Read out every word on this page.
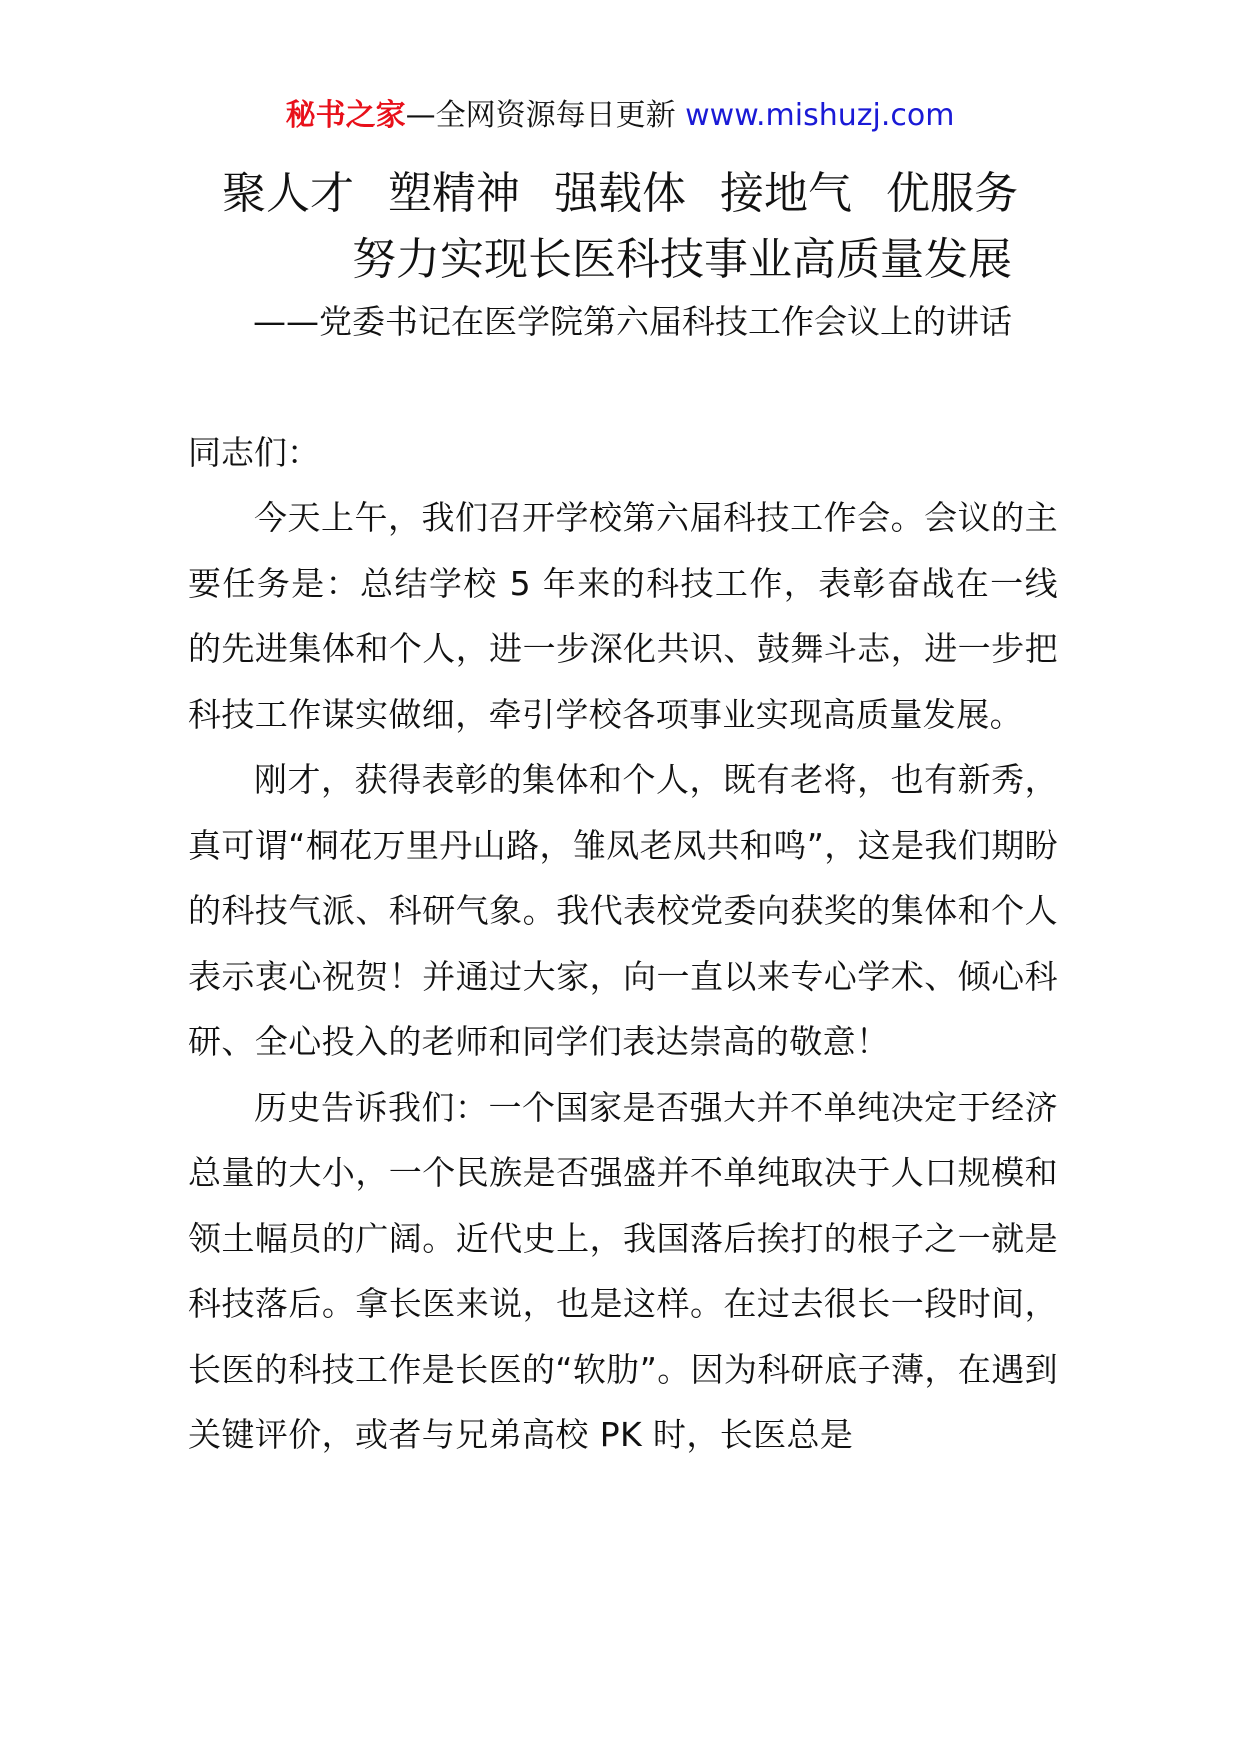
秘书之家—全网资源每日更新 www.mishuzj.com
聚人才 塑精神 强载体 接地气 优服务
努力实现长医科技事业高质量发展
——党委书记在医学院第六届科技工作会议上的讲话
同志们：

今天上午，我们召开学校第六届科技工作会。会议的主要任务是：总结学校 5 年来的科技工作，表彰奋战在一线的先进集体和个人，进一步深化共识、鼓舞斗志，进一步把科技工作谋实做细，牵引学校各项事业实现高质量发展。

刚才，获得表彰的集体和个人，既有老将，也有新秀，真可谓“桐花万里丹山路，雏凤老凤共和鸣”，这是我们期盼的科技气派、科研气象。我代表校党委向获奖的集体和个人表示衷心祝贺！并通过大家，向一直以来专心学术、倾心科研、全心投入的老师和同学们表达崇高的敬意！

历史告诉我们：一个国家是否强大并不单纯决定于经济总量的大小，一个民族是否强盛并不单纯取决于人口规模和领土幅员的广阔。近代史上，我国落后挨打的根子之一就是科技落后。拿长医来说，也是这样。在过去很长一段时间，长医的科技工作是长医的“软肋”。因为科研底子薄，在遇到关键评价，或者与兄弟高校 PK 时，长医总是
